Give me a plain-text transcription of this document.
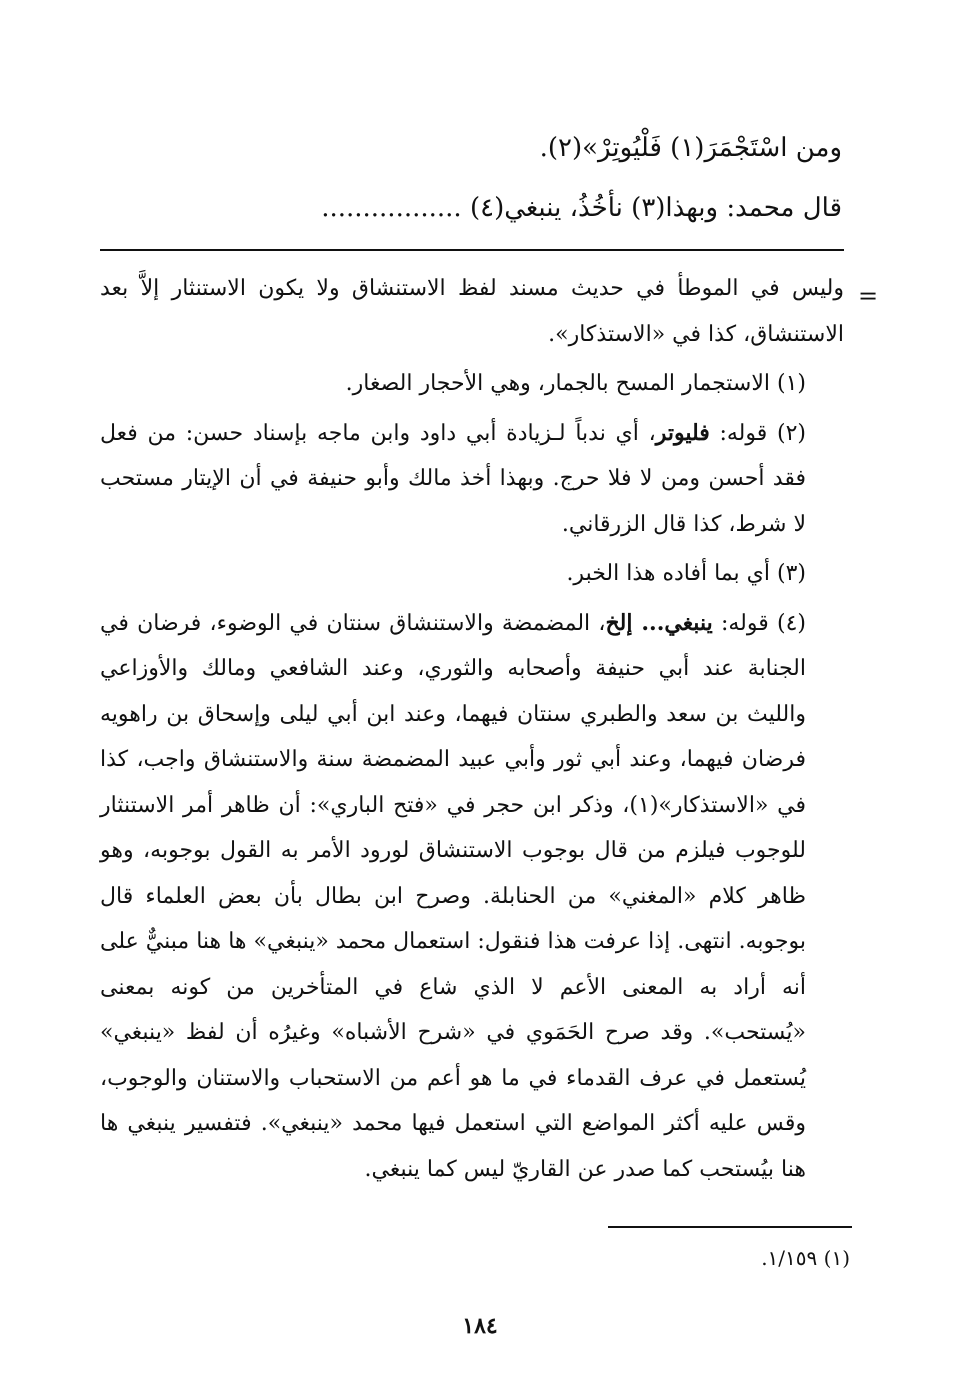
ومن اسْتَجْمَرَ(١) فَلْيُوتِرْ»(٢).
قال محمد: وبهذا(٣) نأخُذُ، ينبغي(٤) .................
=

وليس في الموطأ في حديث مسند لفظ الاستنشاق ولا يكون الاستنثار إلاَّ بعد الاستنشاق، كذا في «الاستذكار».

(١) الاستجمار المسح بالجمار، وهي الأحجار الصغار.

(٢) قوله: فليوتر، أي ندباً لـزيادة أبي داود وابن ماجه بإسناد حسن: من فعل فقد أحسن ومن لا فلا حرج. وبهذا أخذ مالك وأبو حنيفة في أن الإيتار مستحب لا شرط، كذا قال الزرقاني.

(٣) أي بما أفاده هذا الخبر.

(٤) قوله: ينبغي... إلخ، المضمضة والاستنشاق سنتان في الوضوء، فرضان في الجنابة عند أبي حنيفة وأصحابه والثوري، وعند الشافعي ومالك والأوزاعي والليث بن سعد والطبري سنتان فيهما، وعند ابن أبي ليلى وإسحاق بن راهويه فرضان فيهما، وعند أبي ثور وأبي عبيد المضمضة سنة والاستنشاق واجب، كذا في «الاستذكار»(١)، وذكر ابن حجر في «فتح الباري»: أن ظاهر أمر الاستنثار للوجوب فيلزم من قال بوجوب الاستنشاق لورود الأمر به القول بوجوبه، وهو ظاهر كلام «المغني» من الحنابلة. وصرح ابن بطال بأن بعض العلماء قال بوجوبه. انتهى. إذا عرفت هذا فنقول: استعمال محمد «ينبغي» ها هنا مبنيٌّ على أنه أراد به المعنى الأعم لا الذي شاع في المتأخرين من كونه بمعنى «يُستحب». وقد صرح الحَمَوي في «شرح الأشباه» وغيرُه أن لفظ «ينبغي» يُستعمل في عرف القدماء في ما هو أعم من الاستحباب والاستنان والوجوب، وقس عليه أكثر المواضع التي استعمل فيها محمد «ينبغي». فتفسير ينبغي ها هنا بيُستحب كما صدر عن القاريّ ليس كما ينبغي.

(١) ١/١٥٩.
١٨٤
